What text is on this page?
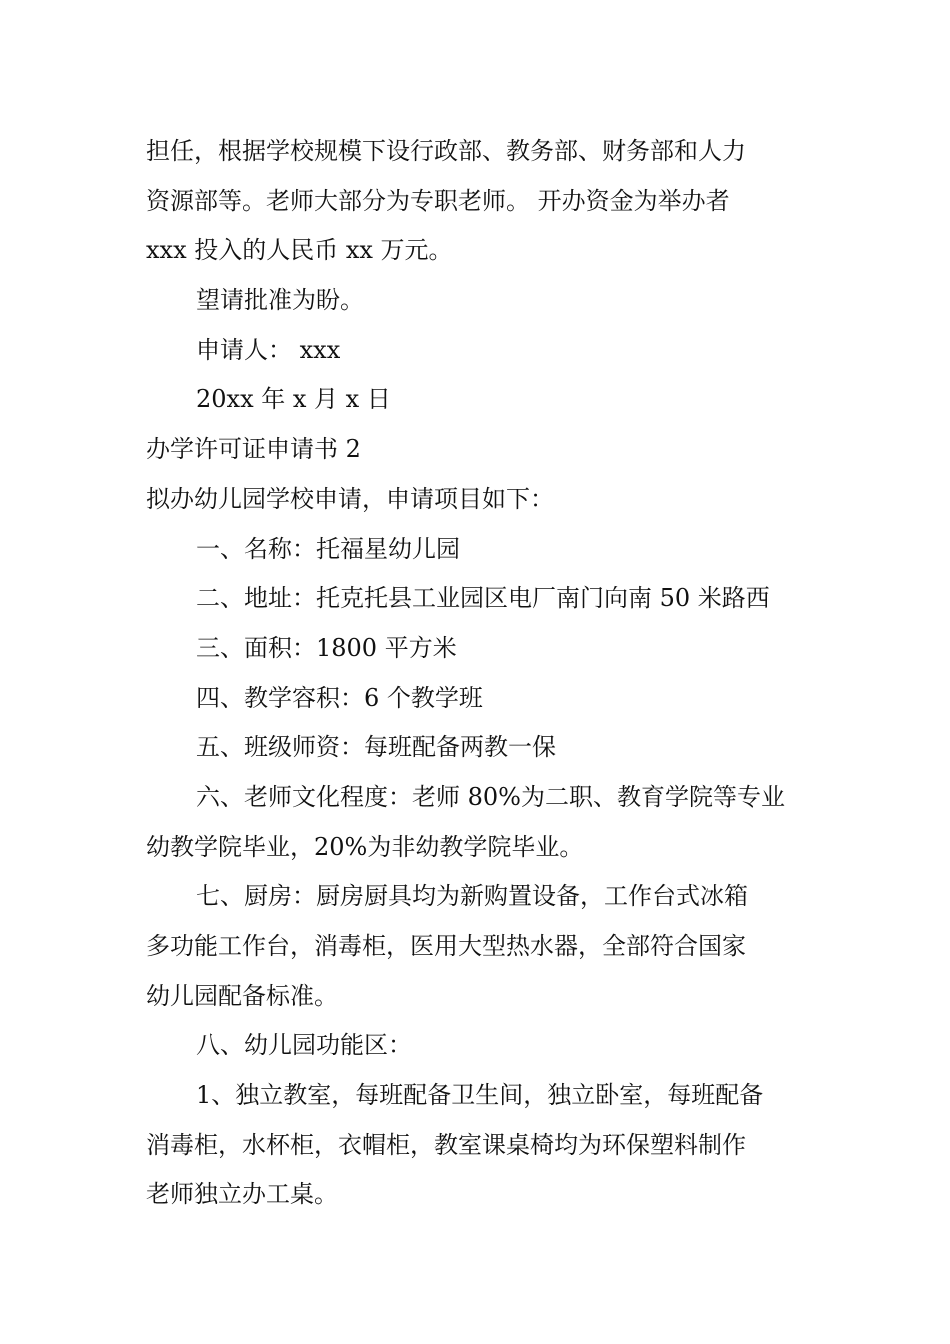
担任，根据学校规模下设行政部、教务部、财务部和人力
资源部等。老师大部分为专职老师。 开办资金为举办者
xxx 投入的人民币 xx 万元。
望请批准为盼。
申请人： xxx
20xx 年 x 月 x 日
办学许可证申请书 2
拟办幼儿园学校申请，申请项目如下：
一、名称：托福星幼儿园
二、地址：托克托县工业园区电厂南门向南 50 米路西
三、面积：1800 平方米
四、教学容积：6 个教学班
五、班级师资：每班配备两教一保
六、老师文化程度：老师 80%为二职、教育学院等专业
幼教学院毕业，20%为非幼教学院毕业。
七、厨房：厨房厨具均为新购置设备，工作台式冰箱
多功能工作台，消毒柜，医用大型热水器，全部符合国家
幼儿园配备标准。
八、幼儿园功能区：
1、独立教室，每班配备卫生间，独立卧室，每班配备
消毒柜，水杯柜，衣帽柜，教室课桌椅均为环保塑料制作
老师独立办工桌。
